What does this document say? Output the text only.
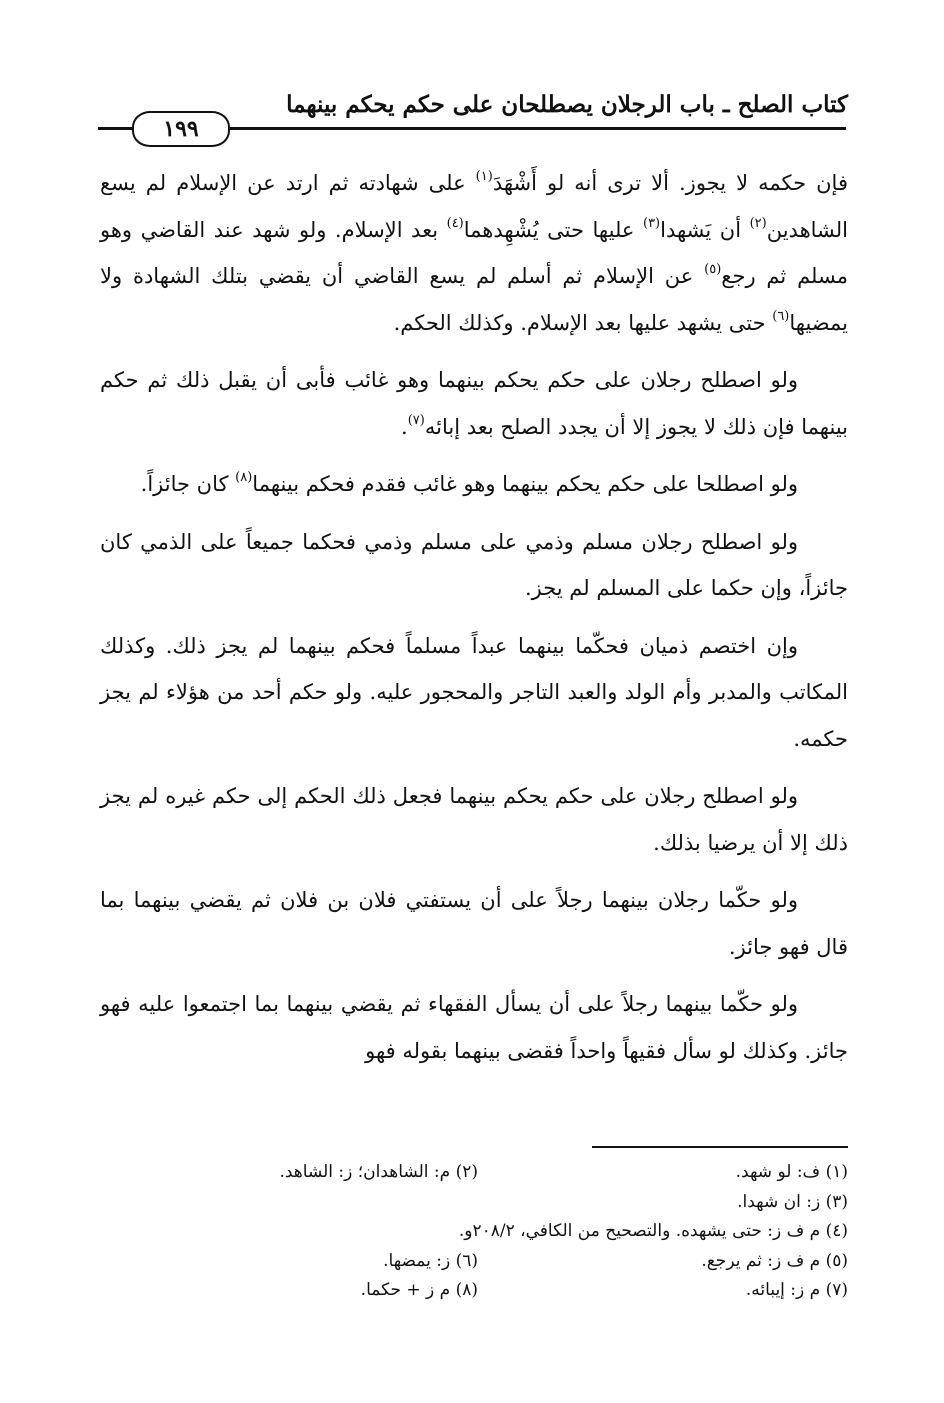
كتاب الصلح ـ باب الرجلان يصطلحان على حكم يحكم بينهما
١٩٩

فإن حكمه لا يجوز. ألا ترى أنه لو أَشْهَدَ$^{(١)}$ على شهادته ثم ارتد عن الإسلام لم يسع الشاهدين$^{(٢)}$ أن يَشهدا$^{(٣)}$ عليها حتى يُشْهِدهما$^{(٤)}$ بعد الإسلام. ولو شهد عند القاضي وهو مسلم ثم رجع$^{(٥)}$ عن الإسلام ثم أسلم لم يسع القاضي أن يقضي بتلك الشهادة ولا يمضيها$^{(٦)}$ حتى يشهد عليها بعد الإسلام. وكذلك الحكم.

ولو اصطلح رجلان على حكم يحكم بينهما وهو غائب فأبى أن يقبل ذلك ثم حكم بينهما فإن ذلك لا يجوز إلا أن يجدد الصلح بعد إبائه$^{(٧)}$.

ولو اصطلحا على حكم يحكم بينهما وهو غائب فقدم فحكم بينهما$^{(٨)}$ كان جائزاً.

ولو اصطلح رجلان مسلم وذمي على مسلم وذمي فحكما جميعاً على الذمي كان جائزاً، وإن حكما على المسلم لم يجز.

وإن اختصم ذميان فحكّما بينهما عبداً مسلماً فحكم بينهما لم يجز ذلك. وكذلك المكاتب والمدبر وأم الولد والعبد التاجر والمحجور عليه. ولو حكم أحد من هؤلاء لم يجز حكمه.

ولو اصطلح رجلان على حكم يحكم بينهما فجعل ذلك الحكم إلى حكم غيره لم يجز ذلك إلا أن يرضيا بذلك.

ولو حكّما رجلان بينهما رجلاً على أن يستفتي فلان بن فلان ثم يقضي بينهما بما قال فهو جائز.

ولو حكّما بينهما رجلاً على أن يسأل الفقهاء ثم يقضي بينهما بما اجتمعوا عليه فهو جائز. وكذلك لو سأل فقيهاً واحداً فقضى بينهما بقوله فهو

(١) ف: لو شهد.
(٢) م: الشاهدان؛ ز: الشاهد.
(٣) ز: ان شهدا.
(٤) م ف ز: حتى يشهده. والتصحيح من الكافي، ٢٠٨/٢و.
(٥) م ف ز: ثم يرجع.
(٦) ز: يمضها.
(٧) م ز: إيبائه.
(٨) م ز + حكما.
